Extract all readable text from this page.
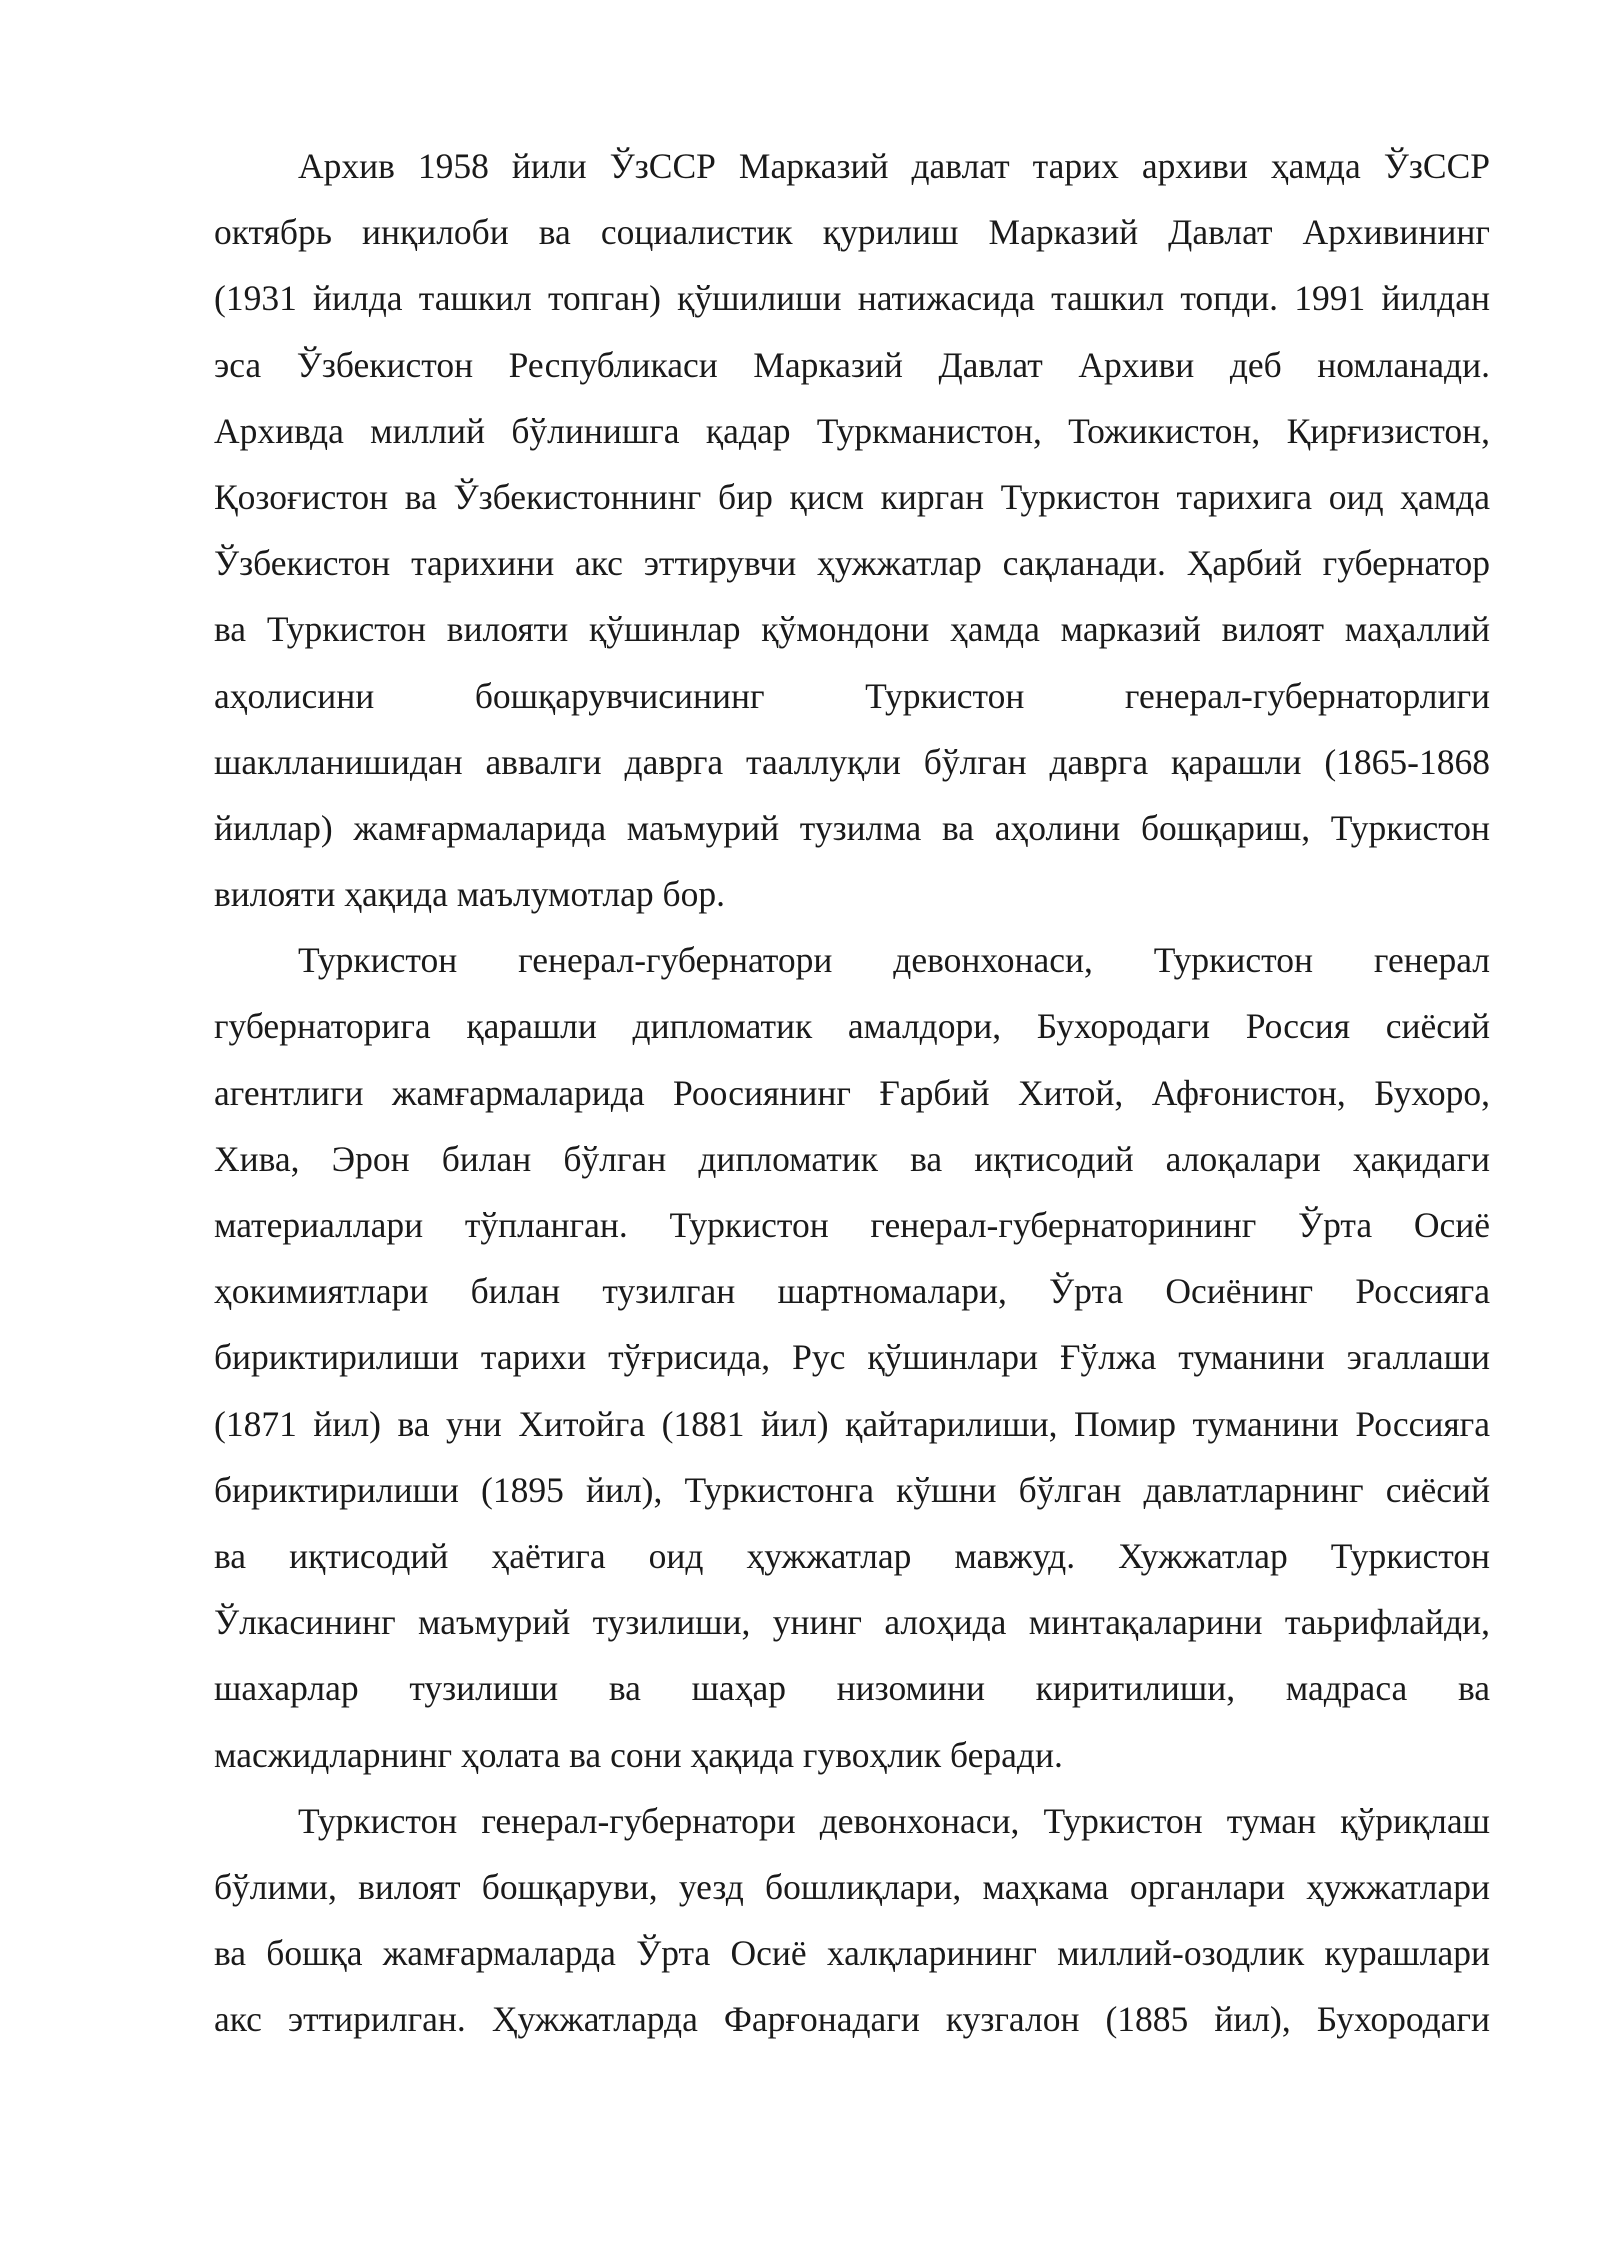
Архив 1958 йили ЎзССР Марказий давлат тарих архиви ҳамда ЎзССР
октябрь инқилоби ва социалистик қурилиш Марказий Давлат Архивининг
(1931 йилда ташкил топган) қўшилиши натижасида ташкил топди. 1991 йилдан
эса Ўзбекистон Республикаси Марказий Давлат Архиви деб номланади.
Архивда миллий бўлинишга қадар Туркманистон, Тожикистон, Қирғизистон,
Қозоғистон ва Ўзбекистоннинг бир қисм кирган Туркистон тарихига оид ҳамда
Ўзбекистон тарихини акс эттирувчи ҳужжатлар сақланади. Ҳарбий губернатор
ва Туркистон вилояти қўшинлар қўмондони ҳамда марказий вилоят маҳаллий
аҳолисини бошқарувчисининг Туркистон генерал-губернаторлиги
шаклланишидан аввалги даврга тааллуқли бўлган даврга қарашли (1865-1868
йиллар) жамғармаларида маъмурий тузилма ва аҳолини бошқариш, Туркистон
вилояти ҳақида маълумотлар бор.
Туркистон генерал-губернатори девонхонаси, Туркистон генерал
губернаторига қарашли дипломатик амалдори, Бухородаги Россия сиёсий
агентлиги жамғармаларида Роосиянинг Ғарбий Хитой, Афғонистон, Бухоро,
Хива, Эрон билан бўлган дипломатик ва иқтисодий алоқалари ҳақидаги
материаллари тўпланган. Туркистон генерал-губернаторининг Ўрта Осиё
ҳокимиятлари билан тузилган шартномалари, Ўрта Осиёнинг Россияга
бириктирилиши тарихи тўғрисида, Рус қўшинлари Ғўлжа туманини эгаллаши
(1871 йил) ва уни Хитойга (1881 йил) қайтарилиши, Помир туманини Россияга
бириктирилиши (1895 йил), Туркистонга кўшни бўлган давлатларнинг сиёсий
ва иқтисодий ҳаётига оид ҳужжатлар мавжуд. Хужжатлар Туркистон
Ўлкасининг маъмурий тузилиши, унинг алоҳида минтақаларини таьрифлайди,
шахарлар тузилиши ва шаҳар низомини киритилиши, мадраса ва
масжидларнинг ҳолата ва сони ҳақида гувоҳлик беради.
Туркистон генерал-губернатори девонхонаси, Туркистон туман қўриқлаш
бўлими, вилоят бошқаруви, уезд бошлиқлари, маҳкама органлари ҳужжатлари
ва бошқа жамғармаларда Ўрта Осиё халқларининг миллий-озодлик курашлари
акс эттирилган. Ҳужжатларда Фарғонадаги кузгалон (1885 йил), Бухородаги
